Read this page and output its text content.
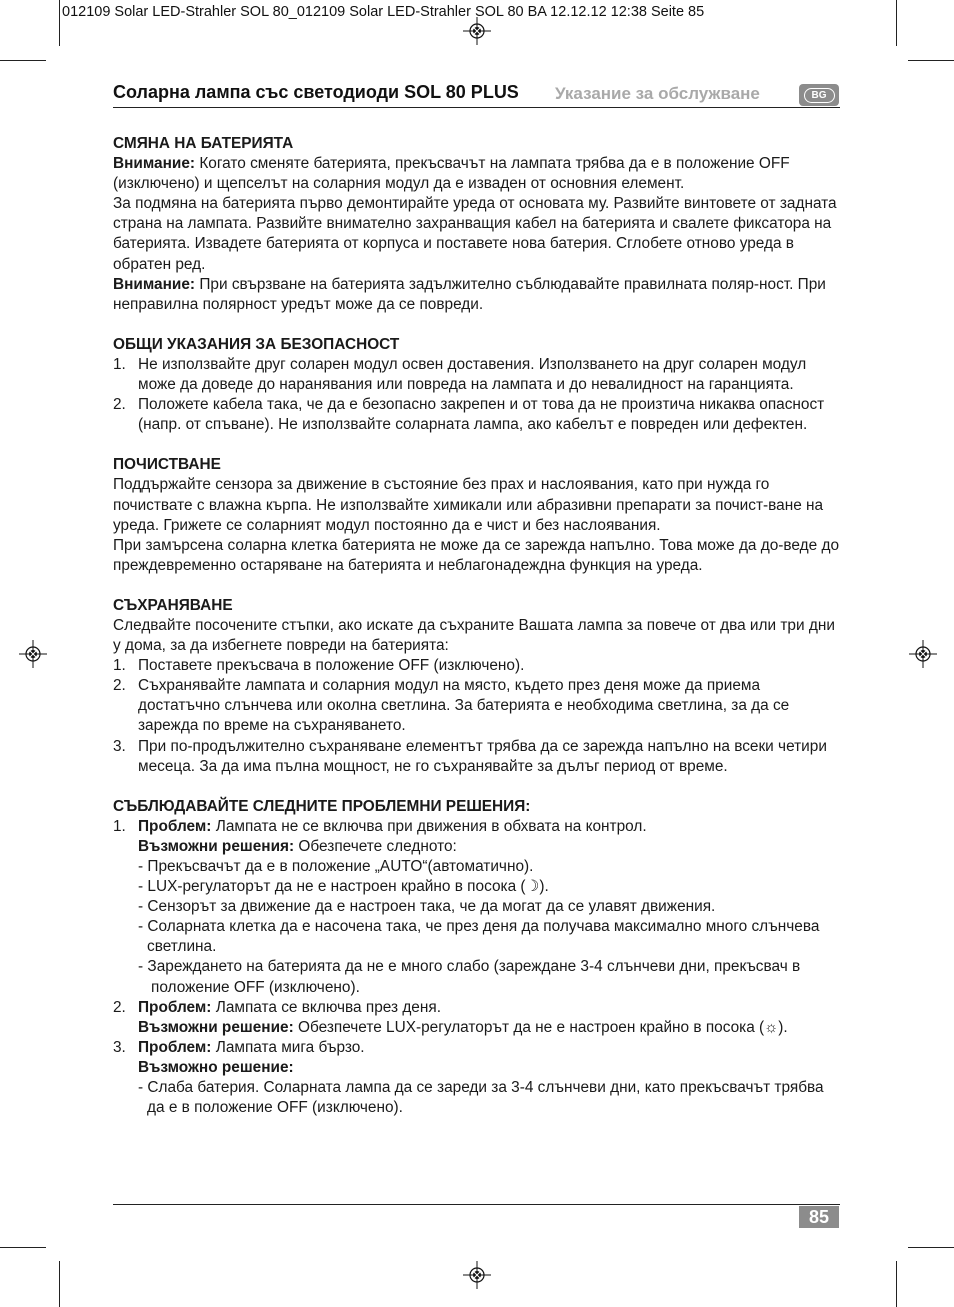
012109 Solar LED-Strahler SOL 80_012109 Solar LED-Strahler SOL 80 BA 12.12.12 12:38 Seite 85
Соларна лампа със светодиоди SOL 80 PLUS Указание за обслужване	BG
СМЯНА НА БАТЕРИЯТА

Внимание: Когато сменяте батерията, прекъсвачът на лампата трябва да е в положение OFF (изключено) и щепселът на соларния модул да е изваден от основния елемент.

За подмяна на батерията първо демонтирайте уреда от основата му. Развийте винтовете от задната страна на лампата. Развийте внимателно захранващия кабел на батерията и свалете фиксатора на батерията. Извадете батерията от корпуса и поставете нова батерия. Сглобете отново уреда в обратен ред.

Внимание: При свързване на батерията задължително съблюдавайте правилната поляр-ност. При неправилна полярност уредът може да се повреди.

ОБЩИ УКАЗАНИЯ ЗА БЕЗОПАСНОСТ
1. Не използвайте друг соларен модул освен доставения. Използването на друг соларен модул може да доведе до наранявания или повреда на лампата и до невалидност на гаранцията.
2. Положете кабела така, че да е безопасно закрепен и от това да не произтича никаква опасност (напр. от спъване). Не използвайте соларната лампа, ако кабелът е повреден или дефектен.
ПОЧИСТВАНЕ

Поддържайте сензора за движение в състояние без прах и наслоявания, като при нужда го почиствате с влажна кърпа. Не използвайте химикали или абразивни препарати за почист-ване на уреда. Грижете се соларният модул постоянно да е чист и без наслоявания.

При замърсена соларна клетка батерията не може да се зарежда напълно. Това може да до-веде до преждевременно остаряване на батерията и неблагонадеждна функция на уреда.

СЪХРАНЯВАНЕ

Следвайте посочените стъпки, ако искате да съхраните Вашата лампа за повече от два или три дни у дома, за да избегнете повреди на батерията:

1. Поставете прекъсвача в положение OFF (изключено).
2. Съхранявайте лампата и соларния модул на място, където през деня може да приема достатъчно слънчева или околна светлина. За батерията е необходима светлина, за да се зарежда по време на съхраняването.
3. При по-продължително съхраняване елементът трябва да се зарежда напълно на всеки четири месеца. За да има пълна мощност, не го съхранявайте за дълъг период от време.
СЪБЛЮДАВАЙТЕ СЛЕДНИТЕ ПРОБЛЕМНИ РЕШЕНИЯ:
1. Проблем: Лампата не се включва при движения в обхвата на контрол.

Възможни решения: Обезпечете следното:

- Прекъсвачът да е в положение „AUTO“(автоматично).

- LUX-регулаторът да не е настроен крайно в посока (☽).

- Сензорът за движение да е настроен така, че да могат да се улавят движения.

- Соларната клетка да е насочена така, че през деня да получава максимално много слънчева светлина.

- Зареждането на батерията да не е много слабо (зареждане 3-4 слънчеви дни, прекъсвач в положение OFF (изключено).

2. Проблем: Лампата се включва през деня.

Възможни решение: Обезпечете LUX-регулаторът да не е настроен крайно в посока (☼).

3. Проблем: Лампата мига бързо.

Възможно решение:

- Слаба батерия. Соларната лампа да се зареди за 3-4 слънчеви дни, като прекъсвачът трябва да е в положение OFF (изключено).

85
